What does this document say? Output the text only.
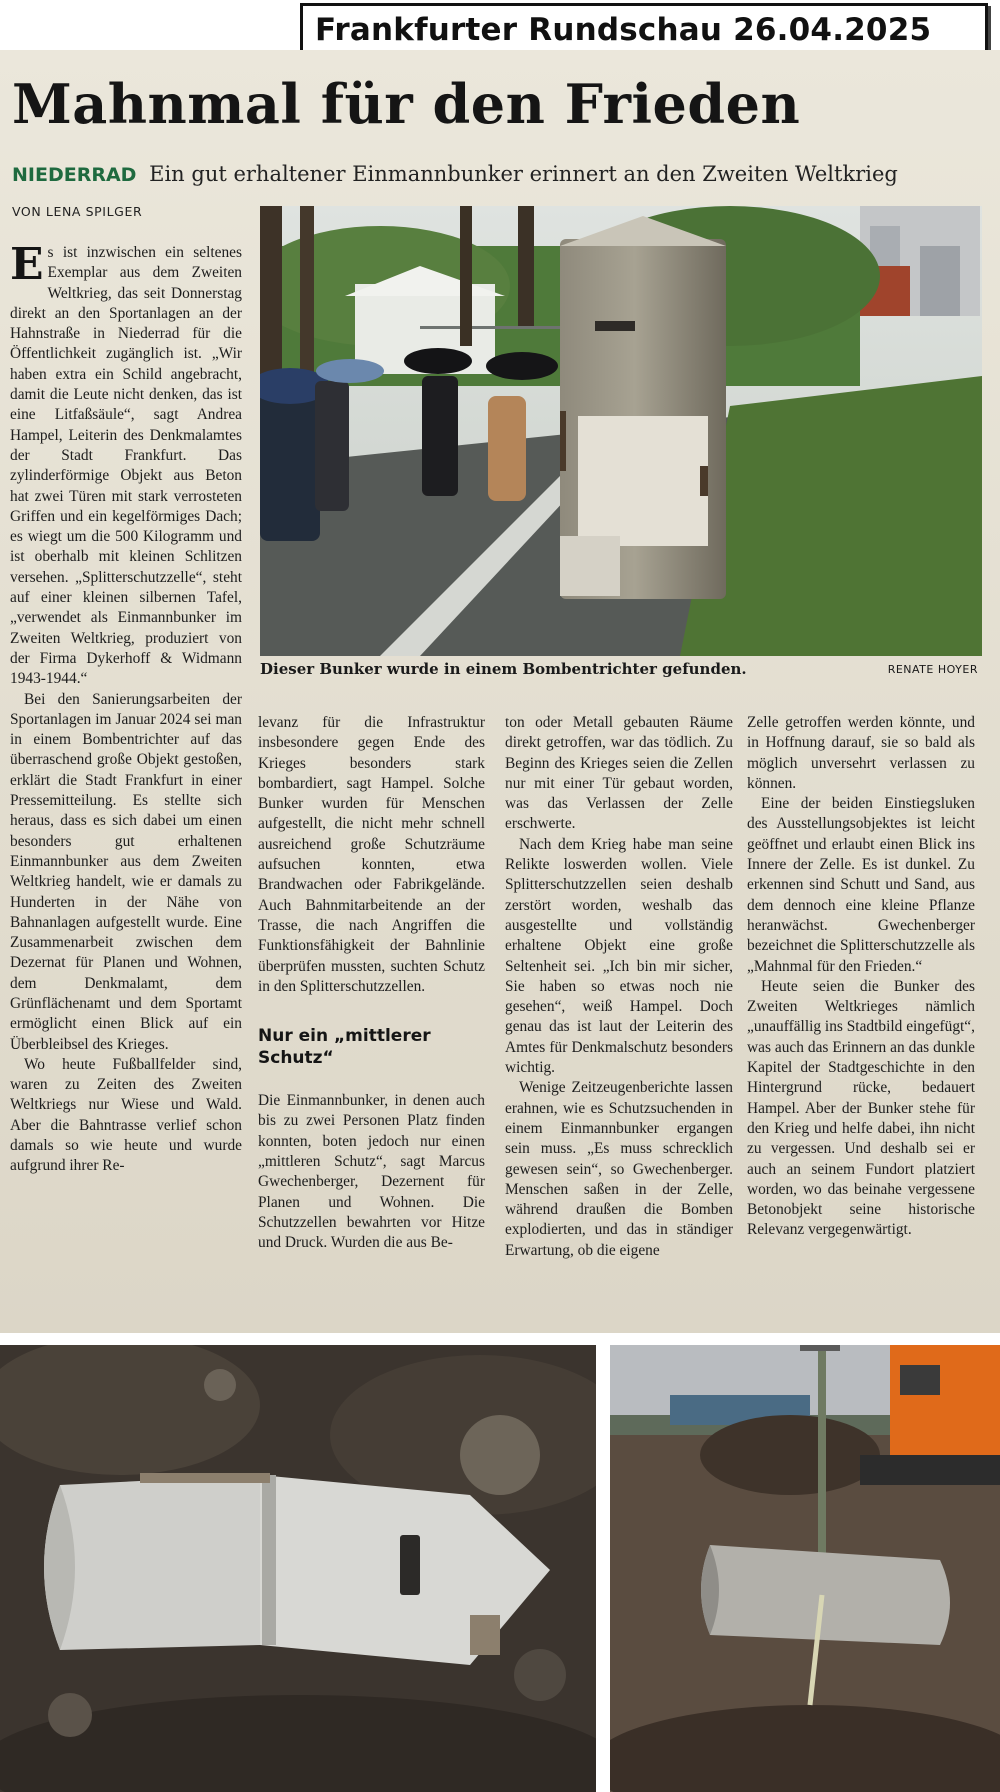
Frankfurter Rundschau 26.04.2025
Mahnmal für den Frieden
NIEDERRAD Ein gut erhaltener Einmannbunker erinnert an den Zweiten Weltkrieg
VON LENA SPILGER

Es ist inzwischen ein seltenes Exemplar aus dem Zweiten Weltkrieg, das seit Donnerstag direkt an den Sportanlagen an der Hahnstraße in Niederrad für die Öffentlichkeit zugänglich ist. „Wir haben extra ein Schild angebracht, damit die Leute nicht denken, das ist eine Litfaßsäule“, sagt Andrea Hampel, Leiterin des Denkmalamtes der Stadt Frankfurt. Das zylinderförmige Objekt aus Beton hat zwei Türen mit stark verrosteten Griffen und ein kegelförmiges Dach; es wiegt um die 500 Kilogramm und ist oberhalb mit kleinen Schlitzen versehen. „Splitterschutzzelle“, steht auf einer kleinen silbernen Tafel, „verwendet als Einmannbunker im Zweiten Weltkrieg, produziert von der Firma Dykerhoff & Widmann 1943-1944.“

Bei den Sanierungsarbeiten der Sportanlagen im Januar 2024 sei man in einem Bombentrichter auf das überraschend große Objekt gestoßen, erklärt die Stadt Frankfurt in einer Pressemitteilung. Es stellte sich heraus, dass es sich dabei um einen besonders gut erhaltenen Einmannbunker aus dem Zweiten Weltkrieg handelt, wie er damals zu Hunderten in der Nähe von Bahnanlagen aufgestellt wurde. Eine Zusammenarbeit zwischen dem Dezernat für Planen und Wohnen, dem Denkmalamt, dem Grünflächenamt und dem Sportamt ermöglicht einen Blick auf ein Überbleibsel des Krieges.

Wo heute Fußballfelder sind, waren zu Zeiten des Zweiten Weltkriegs nur Wiese und Wald. Aber die Bahntrasse verlief schon damals so wie heute und wurde aufgrund ihrer Re-

Dieser Bunker wurde in einem Bombentrichter gefunden.	RENATE HOYER

levanz für die Infrastruktur insbesondere gegen Ende des Krieges besonders stark bombardiert, sagt Hampel. Solche Bunker wurden für Menschen aufgestellt, die nicht mehr schnell ausreichend große Schutzräume aufsuchen konnten, etwa Brandwachen oder Fabrikgelände. Auch Bahnmitarbeitende an der Trasse, die nach Angriffen die Funktionsfähigkeit der Bahnlinie überprüfen mussten, suchten Schutz in den Splitterschutzzellen.

Nur ein „mittlerer Schutz“

Die Einmannbunker, in denen auch bis zu zwei Personen Platz finden konnten, boten jedoch nur einen „mittleren Schutz“, sagt Marcus Gwechenberger, Dezernent für Planen und Wohnen. Die Schutzzellen bewahrten vor Hitze und Druck. Wurden die aus Be-

ton oder Metall gebauten Räume direkt getroffen, war das tödlich. Zu Beginn des Krieges seien die Zellen nur mit einer Tür gebaut worden, was das Verlassen der Zelle erschwerte.

Nach dem Krieg habe man seine Relikte loswerden wollen. Viele Splitterschutzzellen seien deshalb zerstört worden, weshalb das ausgestellte und vollständig erhaltene Objekt eine große Seltenheit sei. „Ich bin mir sicher, Sie haben so etwas noch nie gesehen“, weiß Hampel. Doch genau das ist laut der Leiterin des Amtes für Denkmalschutz besonders wichtig.

Wenige Zeitzeugenberichte lassen erahnen, wie es Schutzsuchenden in einem Einmannbunker ergangen sein muss. „Es muss schrecklich gewesen sein“, so Gwechenberger. Menschen saßen in der Zelle, während draußen die Bomben explodierten, und das in ständiger Erwartung, ob die eigene

Zelle getroffen werden könnte, und in Hoffnung darauf, sie so bald als möglich unversehrt verlassen zu können.

Eine der beiden Einstiegsluken des Ausstellungsobjektes ist leicht geöffnet und erlaubt einen Blick ins Innere der Zelle. Es ist dunkel. Zu erkennen sind Schutt und Sand, aus dem dennoch eine kleine Pflanze heranwächst. Gwechenberger bezeichnet die Splitterschutzzelle als „Mahnmal für den Frieden.“

Heute seien die Bunker des Zweiten Weltkrieges nämlich „unauffällig ins Stadtbild eingefügt“, was auch das Erinnern an das dunkle Kapitel der Stadtgeschichte in den Hintergrund rücke, bedauert Hampel. Aber der Bunker stehe für den Krieg und helfe dabei, ihn nicht zu vergessen. Und deshalb sei er auch an seinem Fundort platziert worden, wo das beinahe vergessene Betonobjekt seine historische Relevanz vergegenwärtigt.
